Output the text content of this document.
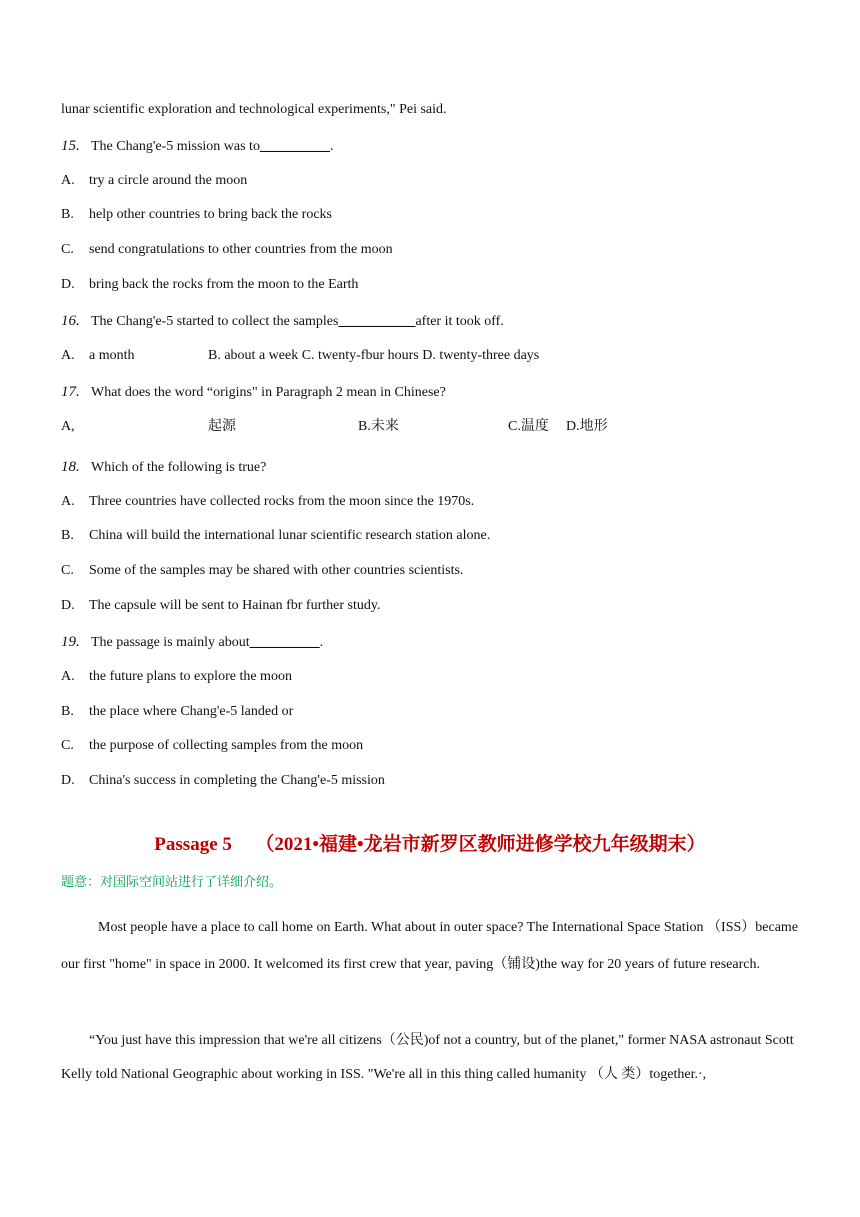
lunar scientific exploration and technological experiments," Pei said.
15. The Chang'e-5 mission was to__________.
A. try a circle around the moon
B. help other countries to bring back the rocks
C. send congratulations to other countries from the moon
D. bring back the rocks from the moon to the Earth
16. The Chang'e-5 started to collect the samples___________after it took off.
A. a month	B. about a week C. twenty-fbur hours D. twenty-three days
17. What does the word “origins" in Paragraph 2 mean in Chinese?
A,	起源	B.未来	C.温度 D.地形
18. Which of the following is true?
A. Three countries have collected rocks from the moon since the 1970s.
B. China will build the international lunar scientific research station alone.
C. Some of the samples may be shared with other countries scientists.
D. The capsule will be sent to Hainan fbr further study.
19. The passage is mainly about__________.
A. the future plans to explore the moon
B. the place where Chang'e-5 landed or
C. the purpose of collecting samples from the moon
D. China's success in completing the Chang'e-5 mission
Passage 5 （2021•福建•龙岩市新罗区教师进修学校九年级期末）
题意：对国际空间站进行了详细介绍。
Most people have a place to call home on Earth. What about in outer space? The International Space Station （ISS）became our first "home" in space in 2000. It welcomed its first crew that year, paving（铺设)the way for 20 years of future research.
“You just have this impression that we're all citizens（公民)of not a country, but of the planet," former NASA astronaut Scott Kelly told National Geographic about working in ISS. "We're all in this thing called humanity （人 类）together.·,
